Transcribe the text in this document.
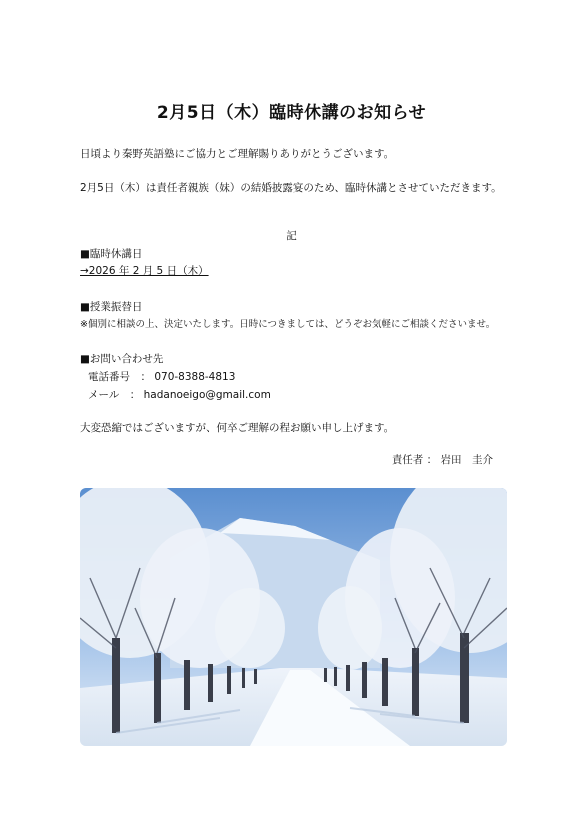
2月5日（木）臨時休講のお知らせ
日頃より秦野英語塾にご協力とご理解賜りありがとうございます。
2月5日（木）は責任者親族（妹）の結婚披露宴のため、臨時休講とさせていただきます。
記
■臨時休講日
→2026 年 2 月 5 日（木）
■授業振替日
※個別に相談の上、決定いたします。日時につきましては、どうぞお気軽にご相談くださいませ。
■お問い合わせ先
電話番号　： 070-8388-4813
メール　： hadanoeigo@gmail.com
大変恐縮ではございますが、何卒ご理解の程お願い申し上げます。
責任者 ： 岩田　圭介
